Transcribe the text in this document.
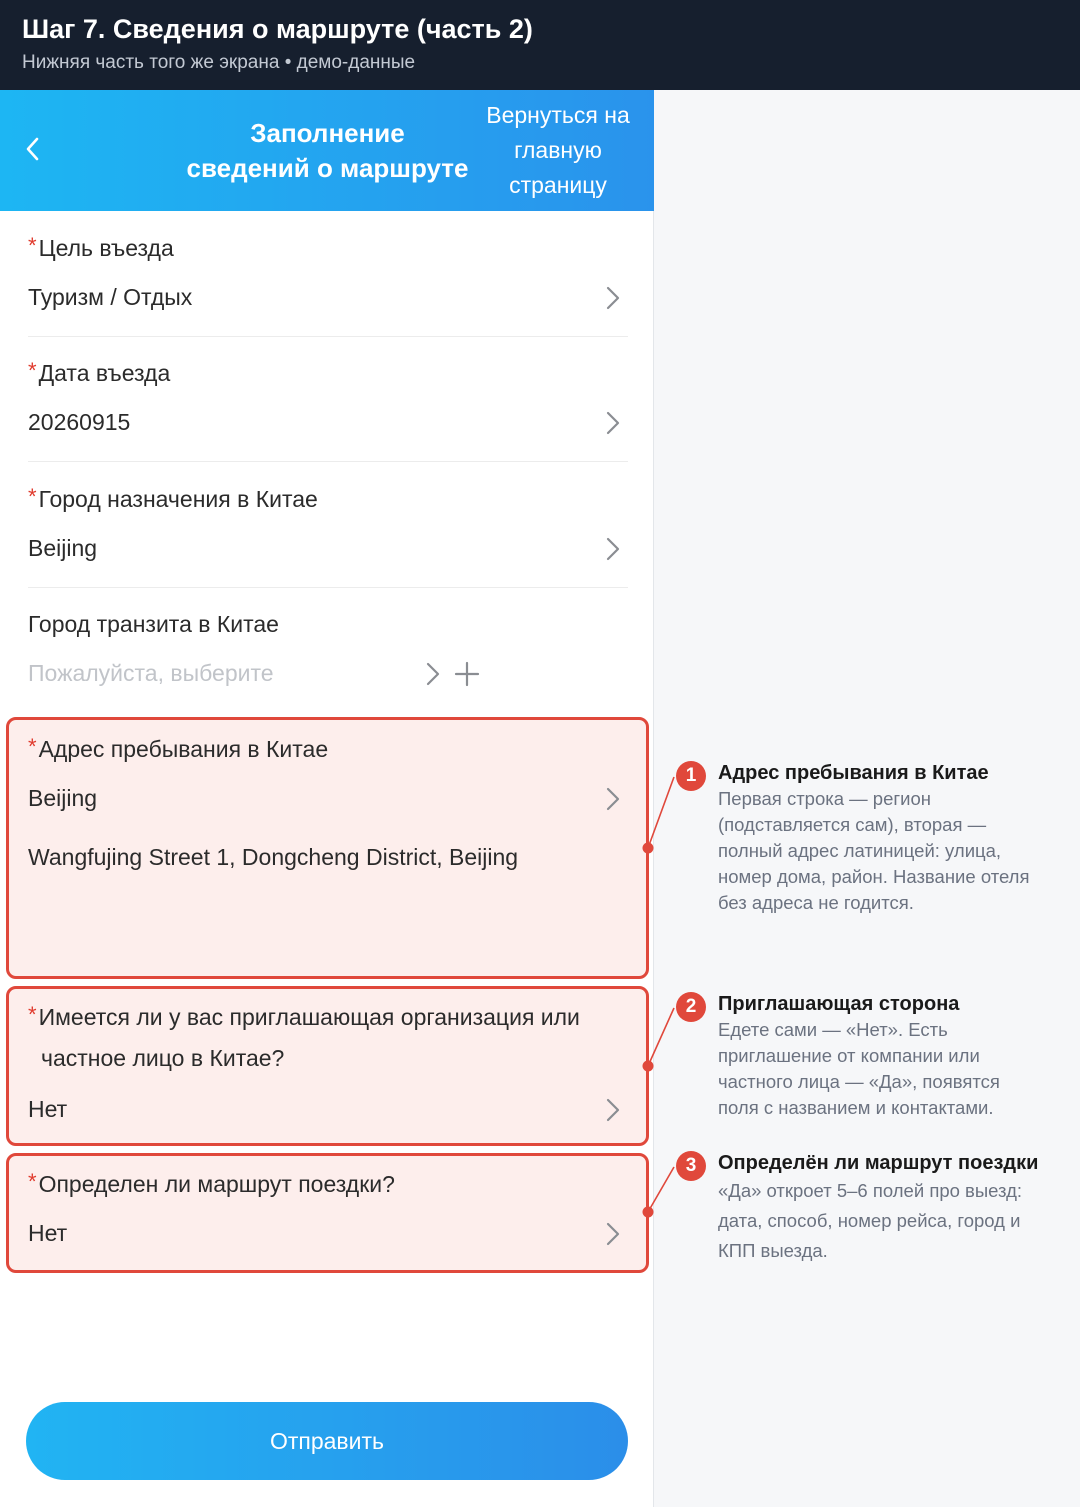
Шаг 7. Сведения о маршруте (часть 2)
Нижняя часть того же экрана • демо-данные
Заполнение
сведений о маршруте
Вернуться на
главную
страницу
*Цель въезда
Туризм / Отдых
*Дата въезда
20260915
*Город назначения в Китае
Beijing
Город транзита в Китае
Пожалуйста, выберите
*Адрес пребывания в Китае
Beijing
Wangfujing Street 1, Dongcheng District, Beijing
*Имеется ли у вас приглашающая организация или
частное лицо в Китае?
Нет
*Определен ли маршрут поездки?
Нет
Отправить
1	Адрес пребывания в Китае
Первая строка — регион
(подставляется сам), вторая —
полный адрес латиницей: улица,
номер дома, район. Название отеля
без адреса не годится.
2	Приглашающая сторона
Едете сами — «Нет». Есть
приглашение от компании или
частного лица — «Да», появятся
поля с названием и контактами.
3	Определён ли маршрут поездки
«Да» откроет 5–6 полей про выезд:
дата, способ, номер рейса, город и
КПП выезда.
